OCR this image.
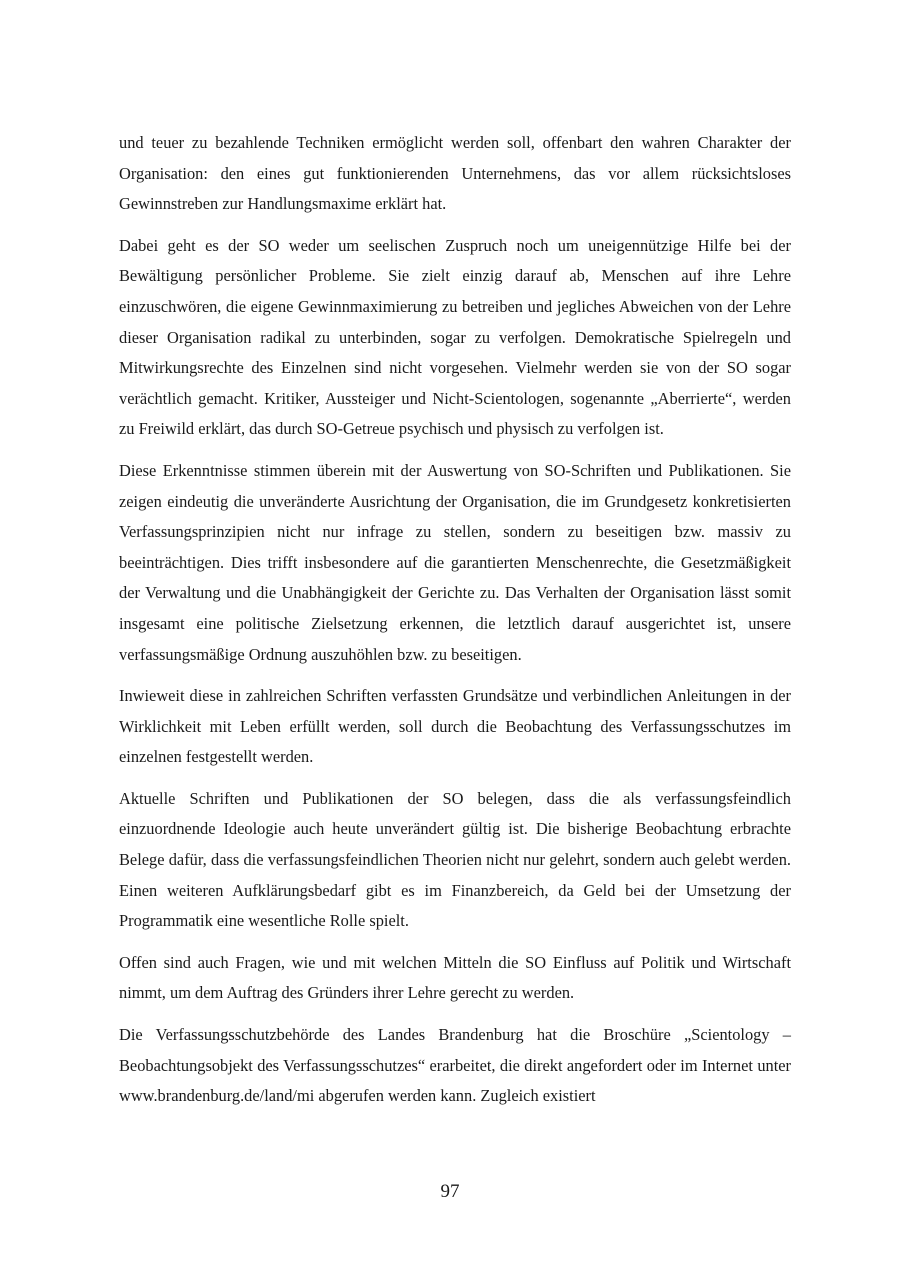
und teuer zu bezahlende Techniken ermöglicht werden soll, offenbart den wahren Charakter der Organisation: den eines gut funktionierenden Unternehmens, das vor allem rücksichtsloses Gewinnstreben zur Handlungsmaxime erklärt hat.

Dabei geht es der SO weder um seelischen Zuspruch noch um uneigennützige Hilfe bei der Bewältigung persönlicher Probleme. Sie zielt einzig darauf ab, Menschen auf ihre Lehre einzuschwören, die eigene Gewinnmaximierung zu betreiben und jegliches Abweichen von der Lehre dieser Organisation radikal zu unterbinden, sogar zu verfolgen. Demokratische Spielregeln und Mitwirkungsrechte des Einzelnen sind nicht vorgesehen. Vielmehr werden sie von der SO sogar verächtlich gemacht. Kritiker, Aussteiger und Nicht-Scientologen, sogenannte „Aberrierte“, werden zu Freiwild erklärt, das durch SO-Getreue psychisch und physisch zu verfolgen ist.

Diese Erkenntnisse stimmen überein mit der Auswertung von SO-Schriften und Publikationen. Sie zeigen eindeutig die unveränderte Ausrichtung der Organisation, die im Grundgesetz konkretisierten Verfassungsprinzipien nicht nur infrage zu stellen, sondern zu beseitigen bzw. massiv zu beeinträchtigen. Dies trifft insbesondere auf die garantierten Menschenrechte, die Gesetzmäßigkeit der Verwaltung und die Unabhängigkeit der Gerichte zu. Das Verhalten der Organisation lässt somit insgesamt eine politische Zielsetzung erkennen, die letztlich darauf ausgerichtet ist, unsere verfassungsmäßige Ordnung auszuhöhlen bzw. zu beseitigen.

Inwieweit diese in zahlreichen Schriften verfassten Grundsätze und verbindlichen Anleitungen in der Wirklichkeit mit Leben erfüllt werden, soll durch die Beobachtung des Verfassungsschutzes im einzelnen festgestellt werden.

Aktuelle Schriften und Publikationen der SO belegen, dass die als verfassungsfeindlich einzuordnende Ideologie auch heute unverändert gültig ist. Die bisherige Beobachtung erbrachte Belege dafür, dass die verfassungsfeindlichen Theorien nicht nur gelehrt, sondern auch gelebt werden. Einen weiteren Aufklärungsbedarf gibt es im Finanzbereich, da Geld bei der Umsetzung der Programmatik eine wesentliche Rolle spielt.

Offen sind auch Fragen, wie und mit welchen Mitteln die SO Einfluss auf Politik und Wirtschaft nimmt, um dem Auftrag des Gründers ihrer Lehre gerecht zu werden.

Die Verfassungsschutzbehörde des Landes Brandenburg hat die Broschüre „Scientology – Beobachtungsobjekt des Verfassungsschutzes“ erarbeitet, die direkt angefordert oder im Internet unter www.brandenburg.de/land/mi abgerufen werden kann. Zugleich existiert

97
